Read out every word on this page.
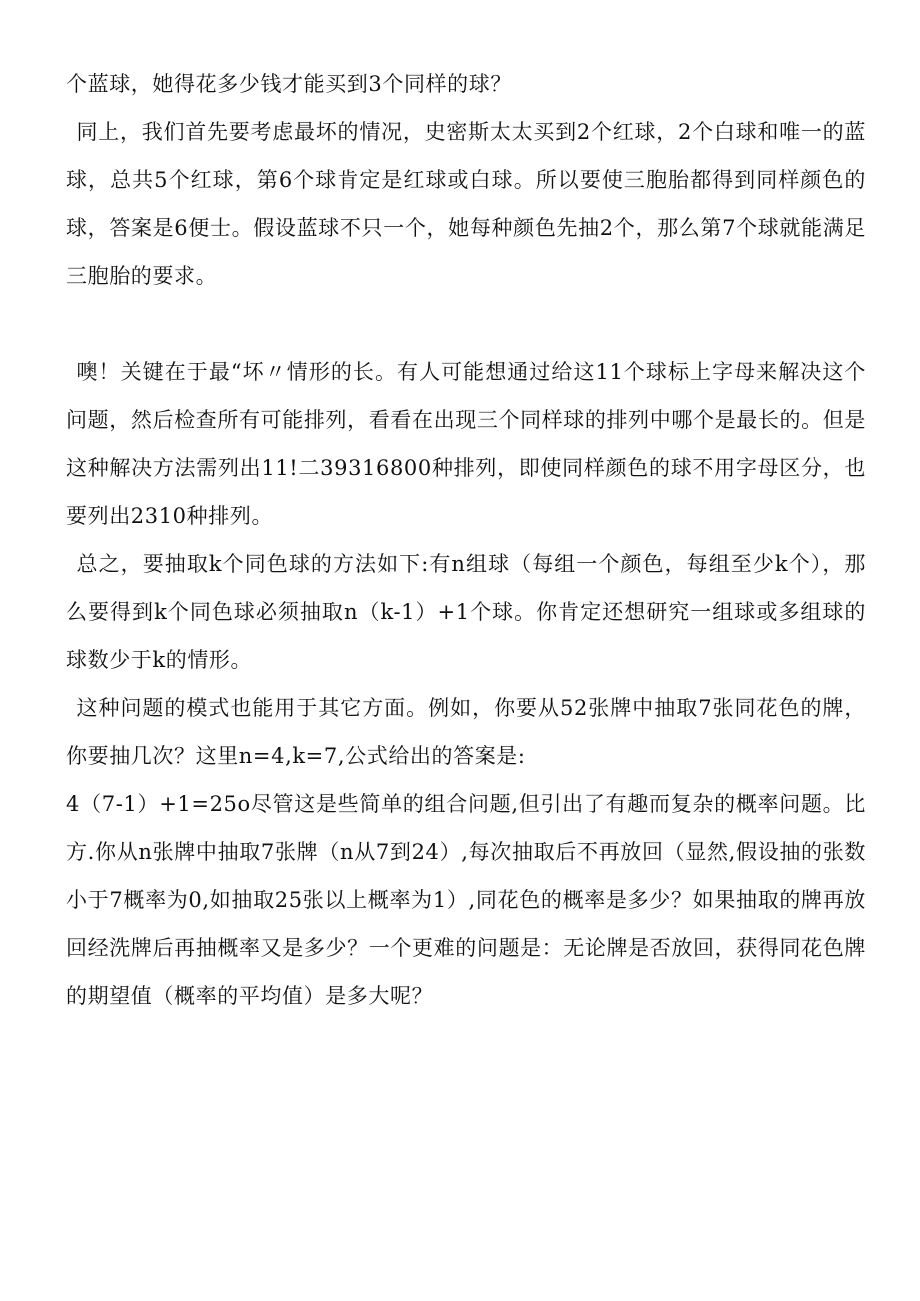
个蓝球，她得花多少钱才能买到3个同样的球？

同上，我们首先要考虑最坏的情况，史密斯太太买到2个红球，2个白球和唯一的蓝球，总共5个红球，第6个球肯定是红球或白球。所以要使三胞胎都得到同样颜色的球，答案是6便士。假设蓝球不只一个，她每种颜色先抽2个，那么第7个球就能满足三胞胎的要求。

噢！关键在于最“坏〃情形的长。有人可能想通过给这11个球标上字母来解决这个问题，然后检查所有可能排列，看看在出现三个同样球的排列中哪个是最长的。但是这种解决方法需列出11!二39316800种排列，即使同样颜色的球不用字母区分，也要列出2310种排列。

总之，要抽取k个同色球的方法如下:有n组球（每组一个颜色，每组至少k个），那么要得到k个同色球必须抽取n（k-1）+1个球。你肯定还想研究一组球或多组球的球数少于k的情形。

这种问题的模式也能用于其它方面。例如，你要从52张牌中抽取7张同花色的牌，你要抽几次？这里n=4,k=7,公式给出的答案是:

4（7-1）+1=25o尽管这是些简单的组合问题,但引出了有趣而复杂的概率问题。比方.你从n张牌中抽取7张牌（n从7到24）,每次抽取后不再放回（显然,假设抽的张数小于7概率为0,如抽取25张以上概率为1）,同花色的概率是多少？如果抽取的牌再放回经洗牌后再抽概率又是多少？一个更难的问题是：无论牌是否放回，获得同花色牌的期望值（概率的平均值）是多大呢？
